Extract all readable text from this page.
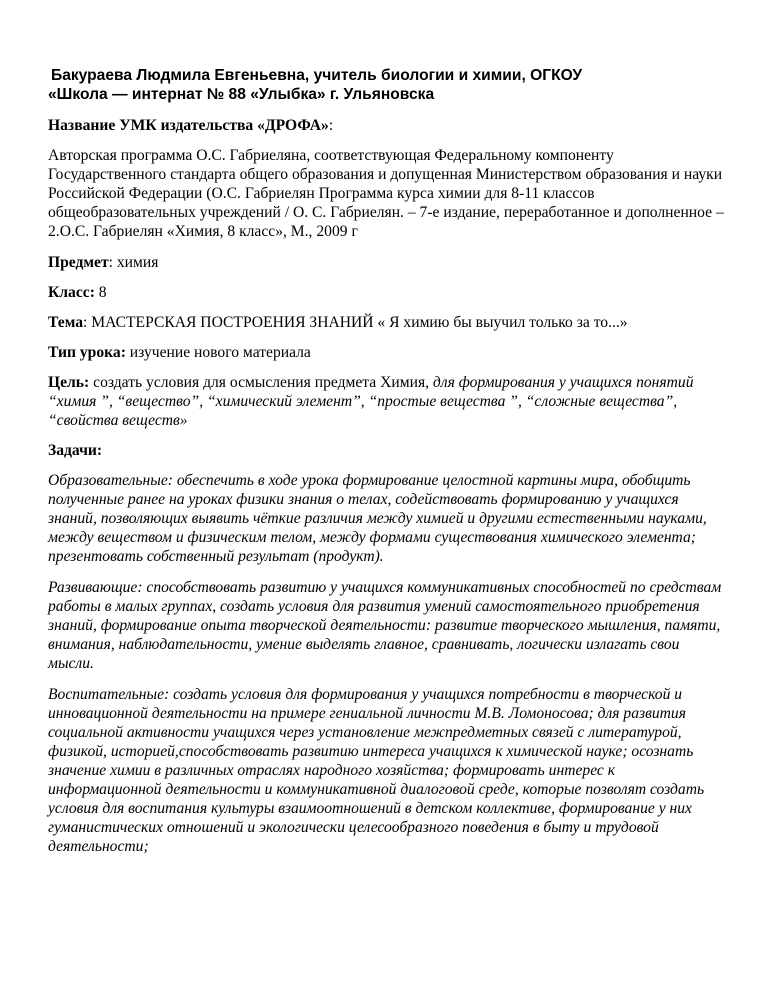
Бакураева Людмила Евгеньевна, учитель биологии и химии, ОГКОУ
«Школа — интернат № 88 «Улыбка» г. Ульяновска

Название УМК издательства «ДРОФА»:

Авторская программа О.С. Габриеляна, соответствующая Федеральному компоненту Государственного стандарта общего образования и допущенная Министерством образования и науки Российской Федерации (О.С. Габриелян Программа курса химии для 8-11 классов общеобразовательных учреждений / О. С. Габриелян. – 7-е издание, переработанное и дополненное – 2.О.С. Габриелян «Химия, 8 класс», М., 2009 г

Предмет: химия

Класс: 8

Тема: МАСТЕРСКАЯ ПОСТРОЕНИЯ ЗНАНИЙ « Я химию бы выучил только за то...»

Тип урока: изучение нового материала

Цель: создать условия для осмысления предмета Химия, для формирования у учащихся понятий “химия ”, “вещество”, “химический элемент”, “простые вещества ”, “сложные вещества”, “свойства веществ»

Задачи:

Образовательные: обеспечить в ходе урока формирование целостной картины мира, обобщить полученные ранее на уроках физики знания о телах, содействовать формированию у учащихся знаний, позволяющих выявить чёткие различия между химией и другими естественными науками, между веществом и физическим телом, между формами существования химического элемента; презентовать собственный результат (продукт).

Развивающие: способствовать развитию у учащихся коммуникативных способностей по средствам работы в малых группах, создать условия для развития умений самостоятельного приобретения знаний, формирование опыта творческой деятельности: развитие творческого мышления, памяти, внимания, наблюдательности, умение выделять главное, сравнивать, логически излагать свои мысли.

Воспитательные: создать условия для формирования у учащихся потребности в творческой и инновационной деятельности на примере гениальной личности М.В. Ломоносова; для развития социальной активности учащихся через установление межпредметных связей с литературой, физикой, историей,способствовать развитию интереса учащихся к химической науке; осознать значение химии в различных отраслях народного хозяйства; формировать интерес к информационной деятельности и коммуникативной диалоговой среде, которые позволят создать условия для воспитания культуры взаимоотношений в детском коллективе, формирование у них гуманистических отношений и экологически целесообразного поведения в быту и трудовой деятельности;
